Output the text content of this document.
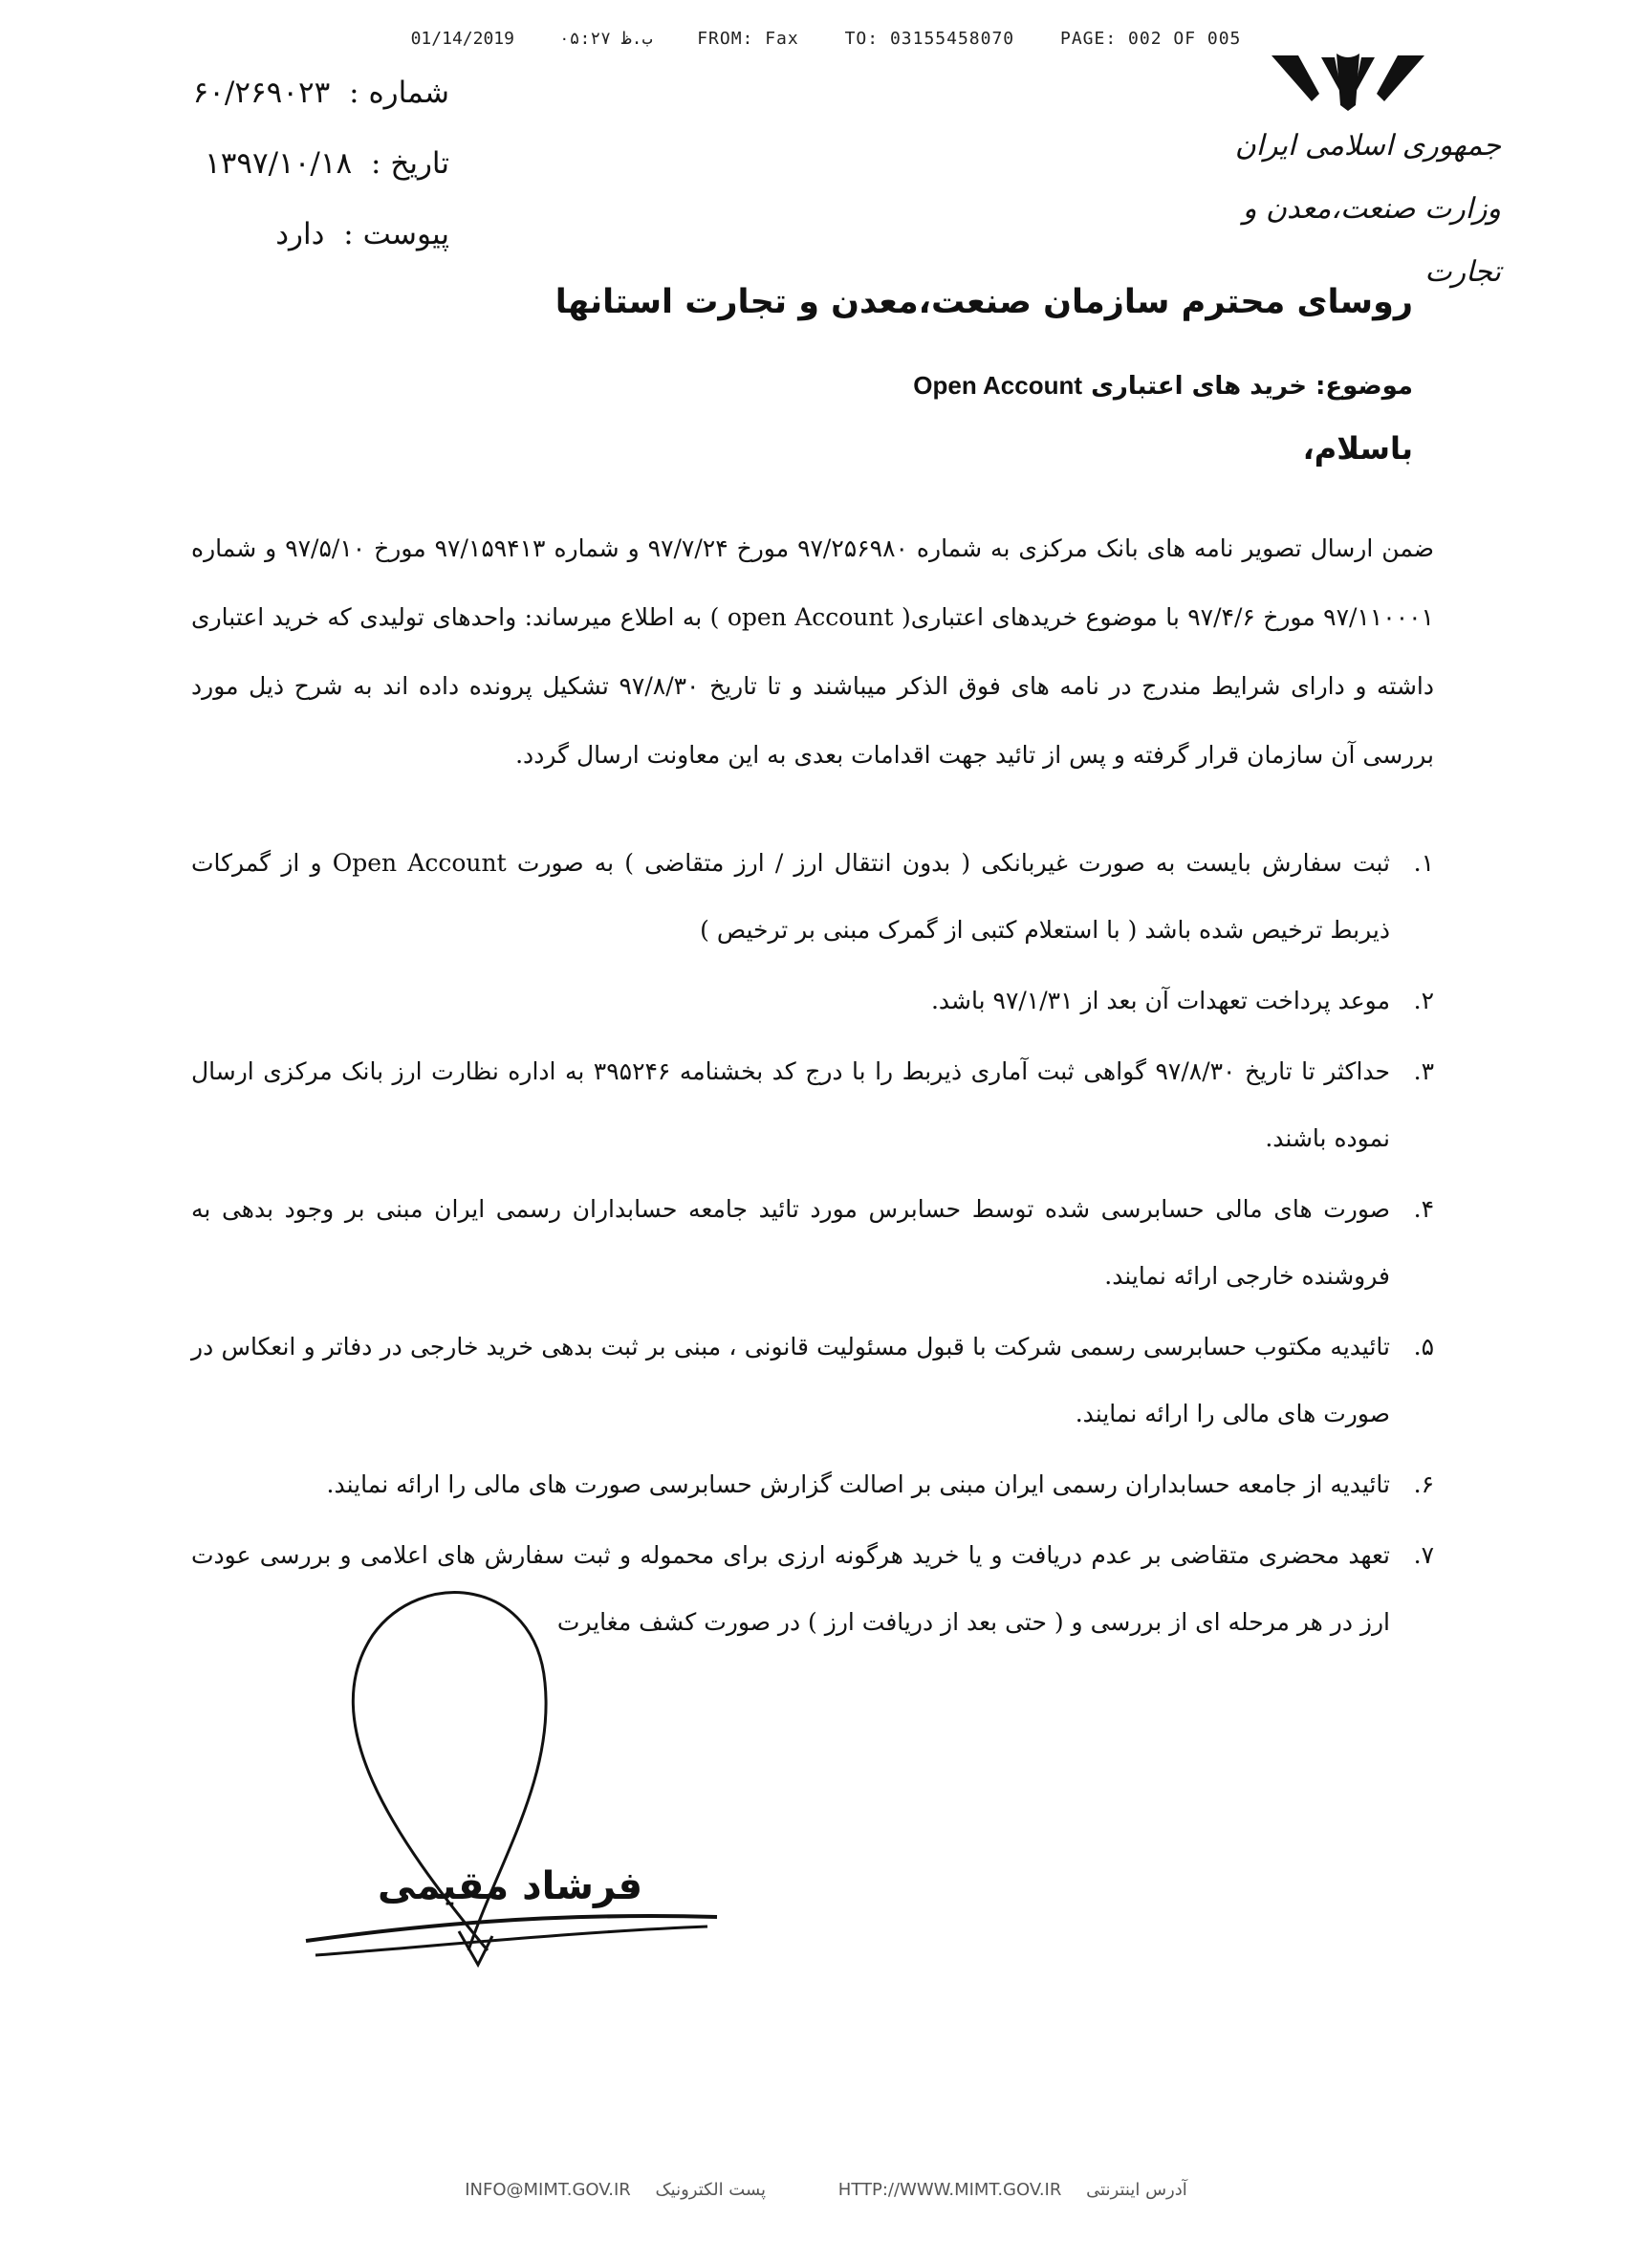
01/14/2019	ب.ظ ۰۵:۲۷	FROM: Fax	TO: 03155458070	PAGE: 002 OF 005
شماره : ۶۰/۲۶۹۰۲۳
تاریخ : ۱۳۹۷/۱۰/۱۸
پیوست : دارد
جمهوری اسلامی ایران
وزارت صنعت،معدن و تجارت
روسای محترم سازمان صنعت،معدن و تجارت استانها
موضوع: خرید های اعتباری Open Account
باسلام،

ضمن ارسال تصویر نامه های بانک مرکزی به شماره ۹۷/۲۵۶۹۸۰ مورخ ۹۷/۷/۲۴ و شماره ۹۷/۱۵۹۴۱۳ مورخ ۹۷/۵/۱۰ و شماره ۹۷/۱۱۰۰۰۱ مورخ ۹۷/۴/۶ با موضوع خریدهای اعتباری( open Account ) به اطلاع میرساند: واحدهای تولیدی که خرید اعتباری داشته و دارای شرایط مندرج در نامه های فوق الذکر میباشند و تا تاریخ ۹۷/۸/۳۰ تشکیل پرونده داده اند به شرح ذیل مورد بررسی آن سازمان قرار گرفته و پس از تائید جهت اقدامات بعدی به این معاونت ارسال گردد.

۱.
ثبت سفارش بایست به صورت غیربانکی ( بدون انتقال ارز / ارز متقاضی ) به صورت Open Account و از گمرکات ذیربط ترخیص شده باشد ( با استعلام کتبی از گمرک مبنی بر ترخیص )
۲.
موعد پرداخت تعهدات آن بعد از ۹۷/۱/۳۱ باشد.
۳.
حداکثر تا تاریخ ۹۷/۸/۳۰ گواهی ثبت آماری ذیربط را با درج کد بخشنامه ۳۹۵۲۴۶ به اداره نظارت ارز بانک مرکزی ارسال نموده باشند.
۴.
صورت های مالی حسابرسی شده توسط حسابرس مورد تائید جامعه حسابداران رسمی ایران مبنی بر وجود بدهی به فروشنده خارجی ارائه نمایند.
۵.
تائیدیه مکتوب حسابرسی رسمی شرکت با قبول مسئولیت قانونی ، مبنی بر ثبت بدهی خرید خارجی در دفاتر و انعکاس در صورت های مالی را ارائه نمایند.
۶.
تائیدیه از جامعه حسابداران رسمی ایران مبنی بر اصالت گزارش حسابرسی صورت های مالی را ارائه نمایند.
۷.
تعهد محضری متقاضی بر عدم دریافت و یا خرید هرگونه ارزی برای محموله و ثبت سفارش های اعلامی و بررسی عودت ارز در هر مرحله ای از بررسی و ( حتی بعد از دریافت ارز ) در صورت کشف مغایرت
فرشاد مقیمی
INFO@MIMT.GOV.IR پست الکترونیک	HTTP://WWW.MIMT.GOV.IR آدرس اینترنتی
